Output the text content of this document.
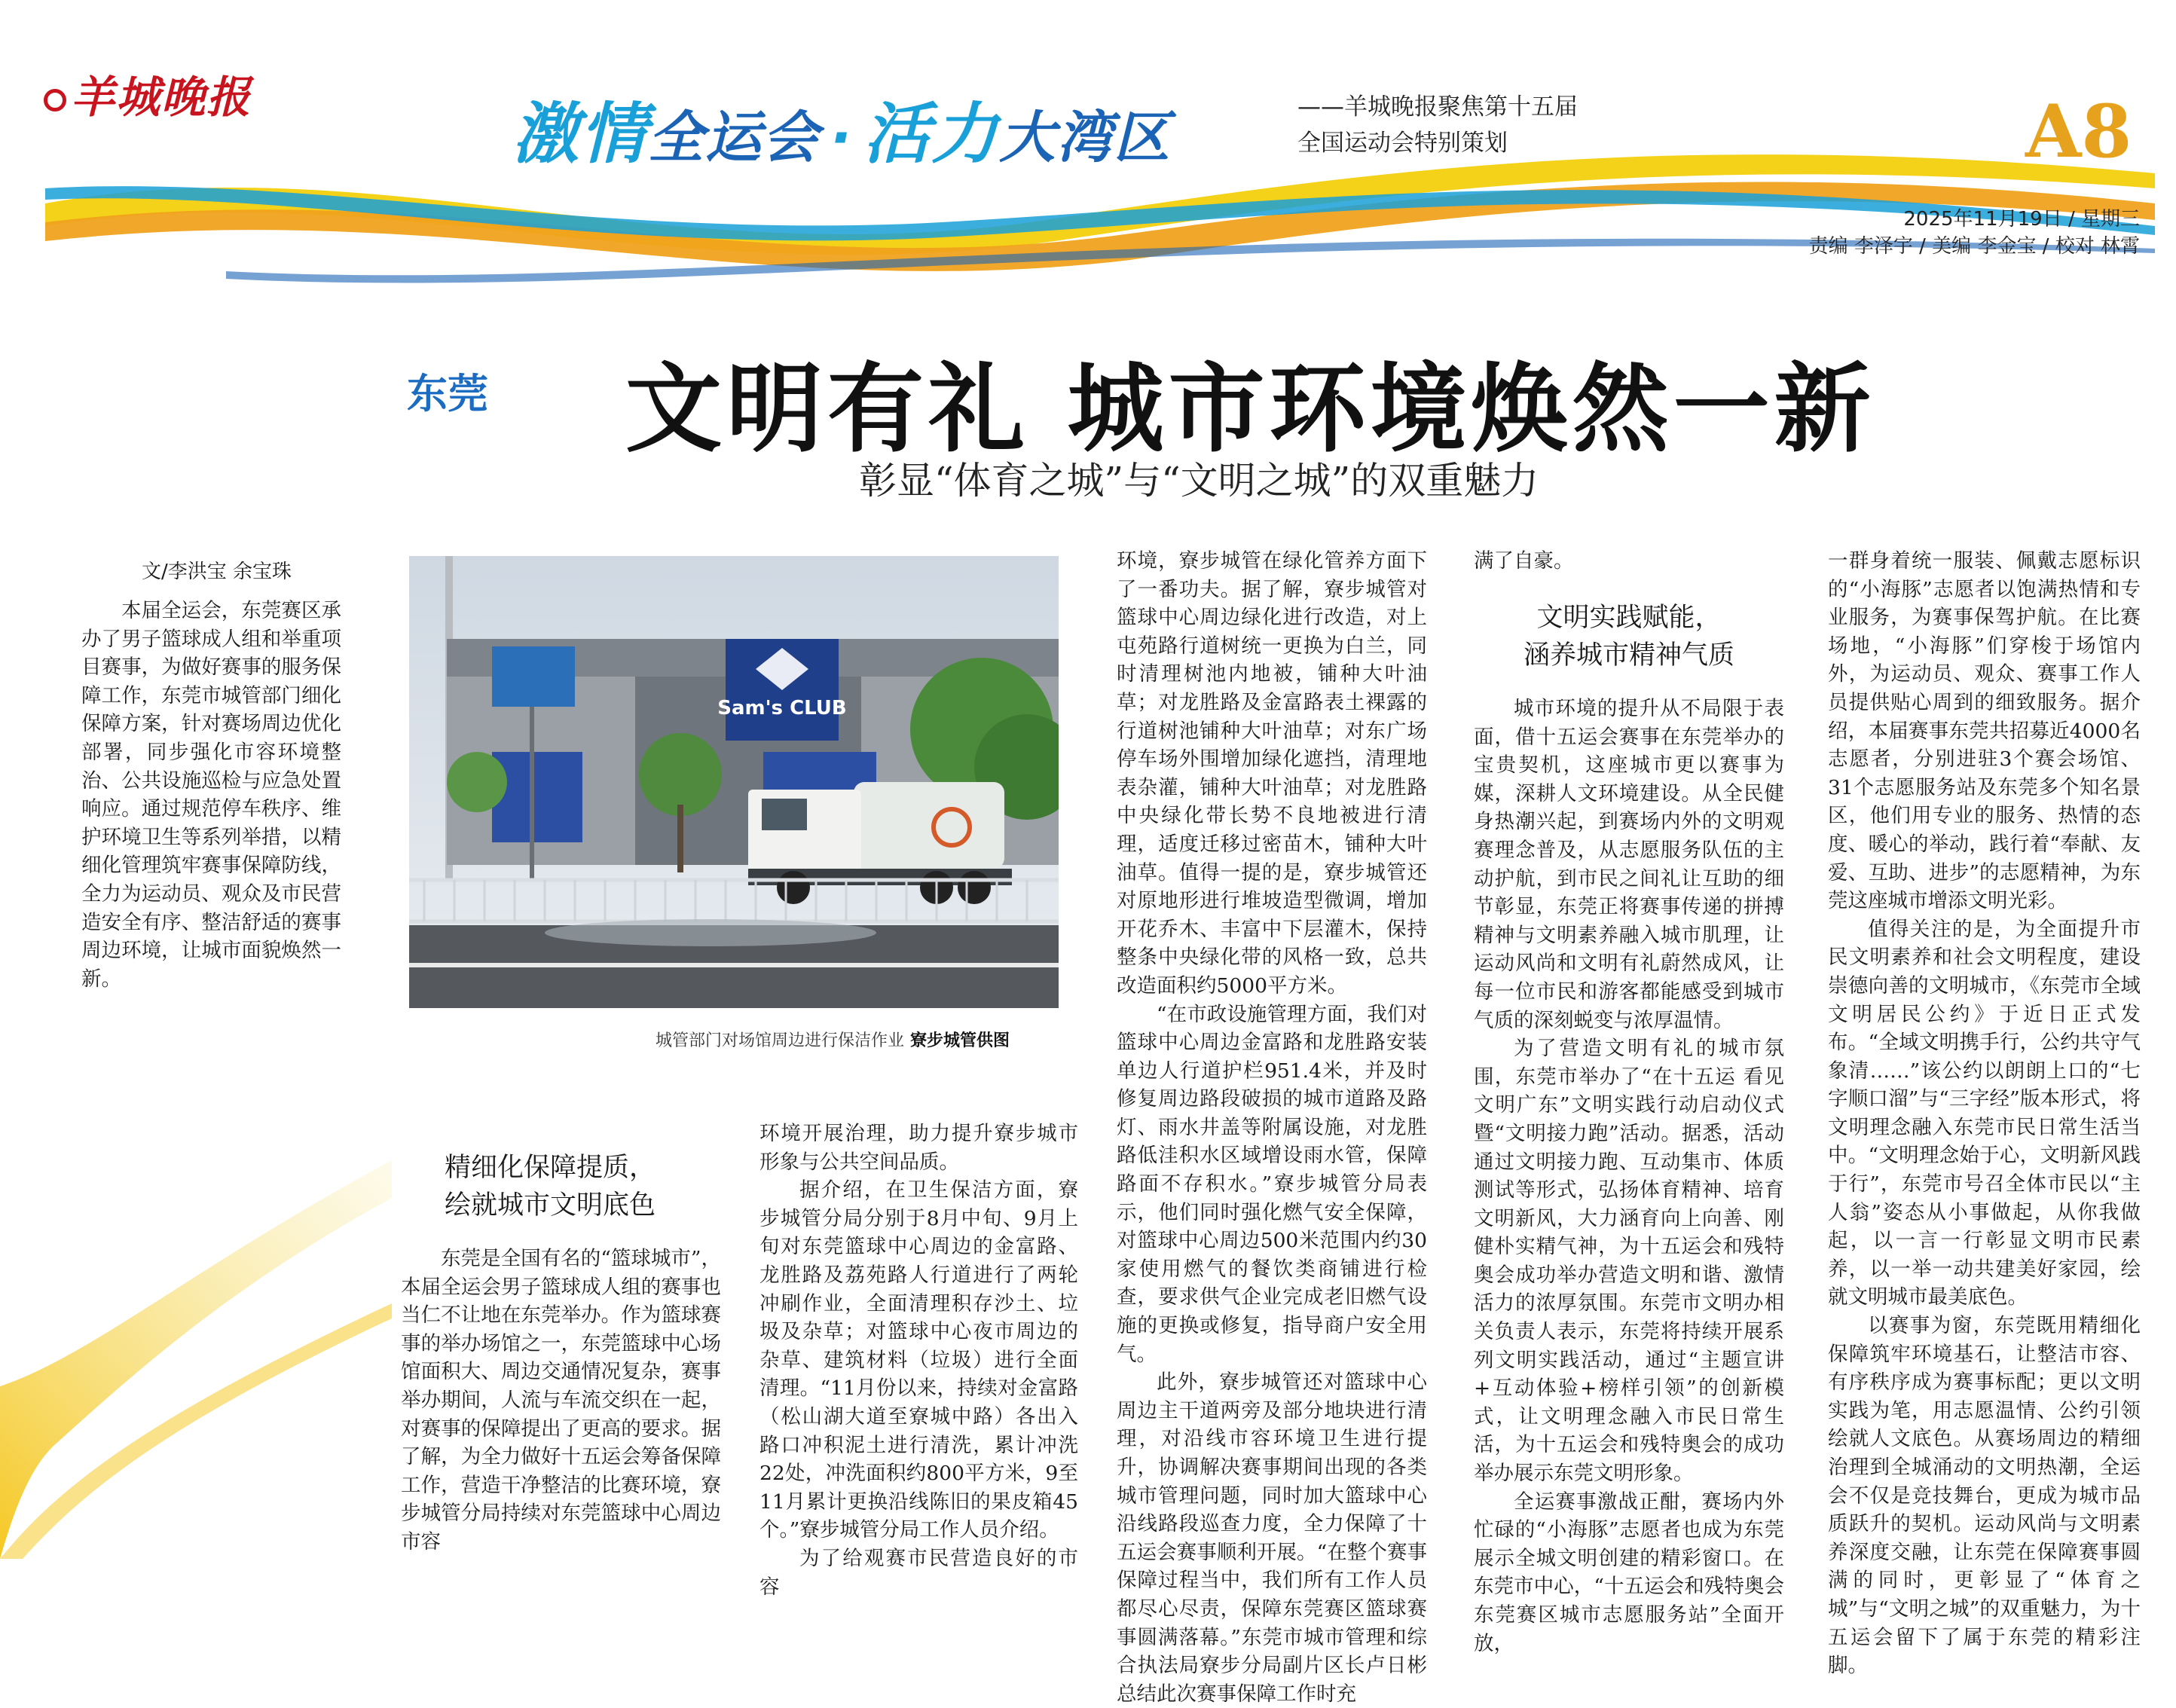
羊城晚报	激情全运会 · 活力大湾区	——羊城晚报聚焦第十五届
全国运动会特别策划	A8
2025年11月19日 / 星期三
责编 李泽宇 / 美编 李金宝 / 校对 林霄
东莞 文明有礼 城市环境焕然一新
彰显“体育之城”与“文明之城”的双重魅力
文/李洪宝 余宝珠

本届全运会，东莞赛区承办了男子篮球成人组和举重项目赛事，为做好赛事的服务保障工作，东莞市城管部门细化保障方案，针对赛场周边优化部署，同步强化市容环境整治、公共设施巡检与应急处置响应。通过规范停车秩序、维护环境卫生等系列举措，以精细化管理筑牢赛事保障防线，全力为运动员、观众及市民营造安全有序、整洁舒适的赛事周边环境，让城市面貌焕然一新。

Sam's CLUB
城管部门对场馆周边进行保洁作业 寮步城管供图
精细化保障提质，
绘就城市文明底色

东莞是全国有名的“篮球城市”，本届全运会男子篮球成人组的赛事也当仁不让地在东莞举办。作为篮球赛事的举办场馆之一，东莞篮球中心场馆面积大、周边交通情况复杂，赛事举办期间，人流与车流交织在一起，对赛事的保障提出了更高的要求。据了解，为全力做好十五运会筹备保障工作，营造干净整洁的比赛环境，寮步城管分局持续对东莞篮球中心周边市容

环境开展治理，助力提升寮步城市形象与公共空间品质。

据介绍，在卫生保洁方面，寮步城管分局分别于8月中旬、9月上旬对东莞篮球中心周边的金富路、龙胜路及荔苑路人行道进行了两轮冲刷作业，全面清理积存沙土、垃圾及杂草；对篮球中心夜市周边的杂草、建筑材料（垃圾）进行全面清理。“11月份以来，持续对金富路（松山湖大道至寮城中路）各出入路口冲积泥土进行清洗，累计冲洗22处，冲洗面积约800平方米，9至11月累计更换沿线陈旧的果皮箱45个。”寮步城管分局工作人员介绍。

为了给观赛市民营造良好的市容

环境，寮步城管在绿化管养方面下了一番功夫。据了解，寮步城管对篮球中心周边绿化进行改造，对上屯苑路行道树统一更换为白兰，同时清理树池内地被，铺种大叶油草；对龙胜路及金富路表土裸露的行道树池铺种大叶油草；对东广场停车场外围增加绿化遮挡，清理地表杂灌，铺种大叶油草；对龙胜路中央绿化带长势不良地被进行清理，适度迁移过密苗木，铺种大叶油草。值得一提的是，寮步城管还对原地形进行堆坡造型微调，增加开花乔木、丰富中下层灌木，保持整条中央绿化带的风格一致，总共改造面积约5000平方米。

“在市政设施管理方面，我们对篮球中心周边金富路和龙胜路安装单边人行道护栏951.4米，并及时修复周边路段破损的城市道路及路灯、雨水井盖等附属设施，对龙胜路低洼积水区域增设雨水管，保障路面不存积水。”寮步城管分局表示，他们同时强化燃气安全保障，对篮球中心周边500米范围内约30家使用燃气的餐饮类商铺进行检查，要求供气企业完成老旧燃气设施的更换或修复，指导商户安全用气。

此外，寮步城管还对篮球中心周边主干道两旁及部分地块进行清理，对沿线市容环境卫生进行提升，协调解决赛事期间出现的各类城市管理问题，同时加大篮球中心沿线路段巡查力度，全力保障了十五运会赛事顺利开展。“在整个赛事保障过程当中，我们所有工作人员都尽心尽责，保障东莞赛区篮球赛事圆满落幕。”东莞市城市管理和综合执法局寮步分局副片区长卢日彬总结此次赛事保障工作时充

满了自豪。

文明实践赋能，
涵养城市精神气质

城市环境的提升从不局限于表面，借十五运会赛事在东莞举办的宝贵契机，这座城市更以赛事为媒，深耕人文环境建设。从全民健身热潮兴起，到赛场内外的文明观赛理念普及，从志愿服务队伍的主动护航，到市民之间礼让互助的细节彰显，东莞正将赛事传递的拼搏精神与文明素养融入城市肌理，让运动风尚和文明有礼蔚然成风，让每一位市民和游客都能感受到城市气质的深刻蜕变与浓厚温情。

为了营造文明有礼的城市氛围，东莞市举办了“在十五运 看见文明广东”文明实践行动启动仪式暨“文明接力跑”活动。据悉，活动通过文明接力跑、互动集市、体质测试等形式，弘扬体育精神、培育文明新风，大力涵育向上向善、刚健朴实精气神，为十五运会和残特奥会成功举办营造文明和谐、激情活力的浓厚氛围。东莞市文明办相关负责人表示，东莞将持续开展系列文明实践活动，通过“主题宣讲+互动体验+榜样引领”的创新模式，让文明理念融入市民日常生活，为十五运会和残特奥会的成功举办展示东莞文明形象。

全运赛事激战正酣，赛场内外忙碌的“小海豚”志愿者也成为东莞展示全城文明创建的精彩窗口。在东莞市中心，“十五运会和残特奥会东莞赛区城市志愿服务站”全面开放，

一群身着统一服装、佩戴志愿标识的“小海豚”志愿者以饱满热情和专业服务，为赛事保驾护航。在比赛场地，“小海豚”们穿梭于场馆内外，为运动员、观众、赛事工作人员提供贴心周到的细致服务。据介绍，本届赛事东莞共招募近4000名志愿者，分别进驻3个赛会场馆、31个志愿服务站及东莞多个知名景区，他们用专业的服务、热情的态度、暖心的举动，践行着“奉献、友爱、互助、进步”的志愿精神，为东莞这座城市增添文明光彩。

值得关注的是，为全面提升市民文明素养和社会文明程度，建设崇德向善的文明城市，《东莞市全域文明居民公约》于近日正式发布。“全域文明携手行，公约共守气象清……”该公约以朗朗上口的“七字顺口溜”与“三字经”版本形式，将文明理念融入东莞市民日常生活当中。“文明理念始于心，文明新风践于行”，东莞市号召全体市民以“主人翁”姿态从小事做起，从你我做起，以一言一行彰显文明市民素养，以一举一动共建美好家园，绘就文明城市最美底色。

以赛事为窗，东莞既用精细化保障筑牢环境基石，让整洁市容、有序秩序成为赛事标配；更以文明实践为笔，用志愿温情、公约引领绘就人文底色。从赛场周边的精细治理到全城涌动的文明热潮，全运会不仅是竞技舞台，更成为城市品质跃升的契机。运动风尚与文明素养深度交融，让东莞在保障赛事圆满的同时，更彰显了“体育之城”与“文明之城”的双重魅力，为十五运会留下了属于东莞的精彩注脚。
